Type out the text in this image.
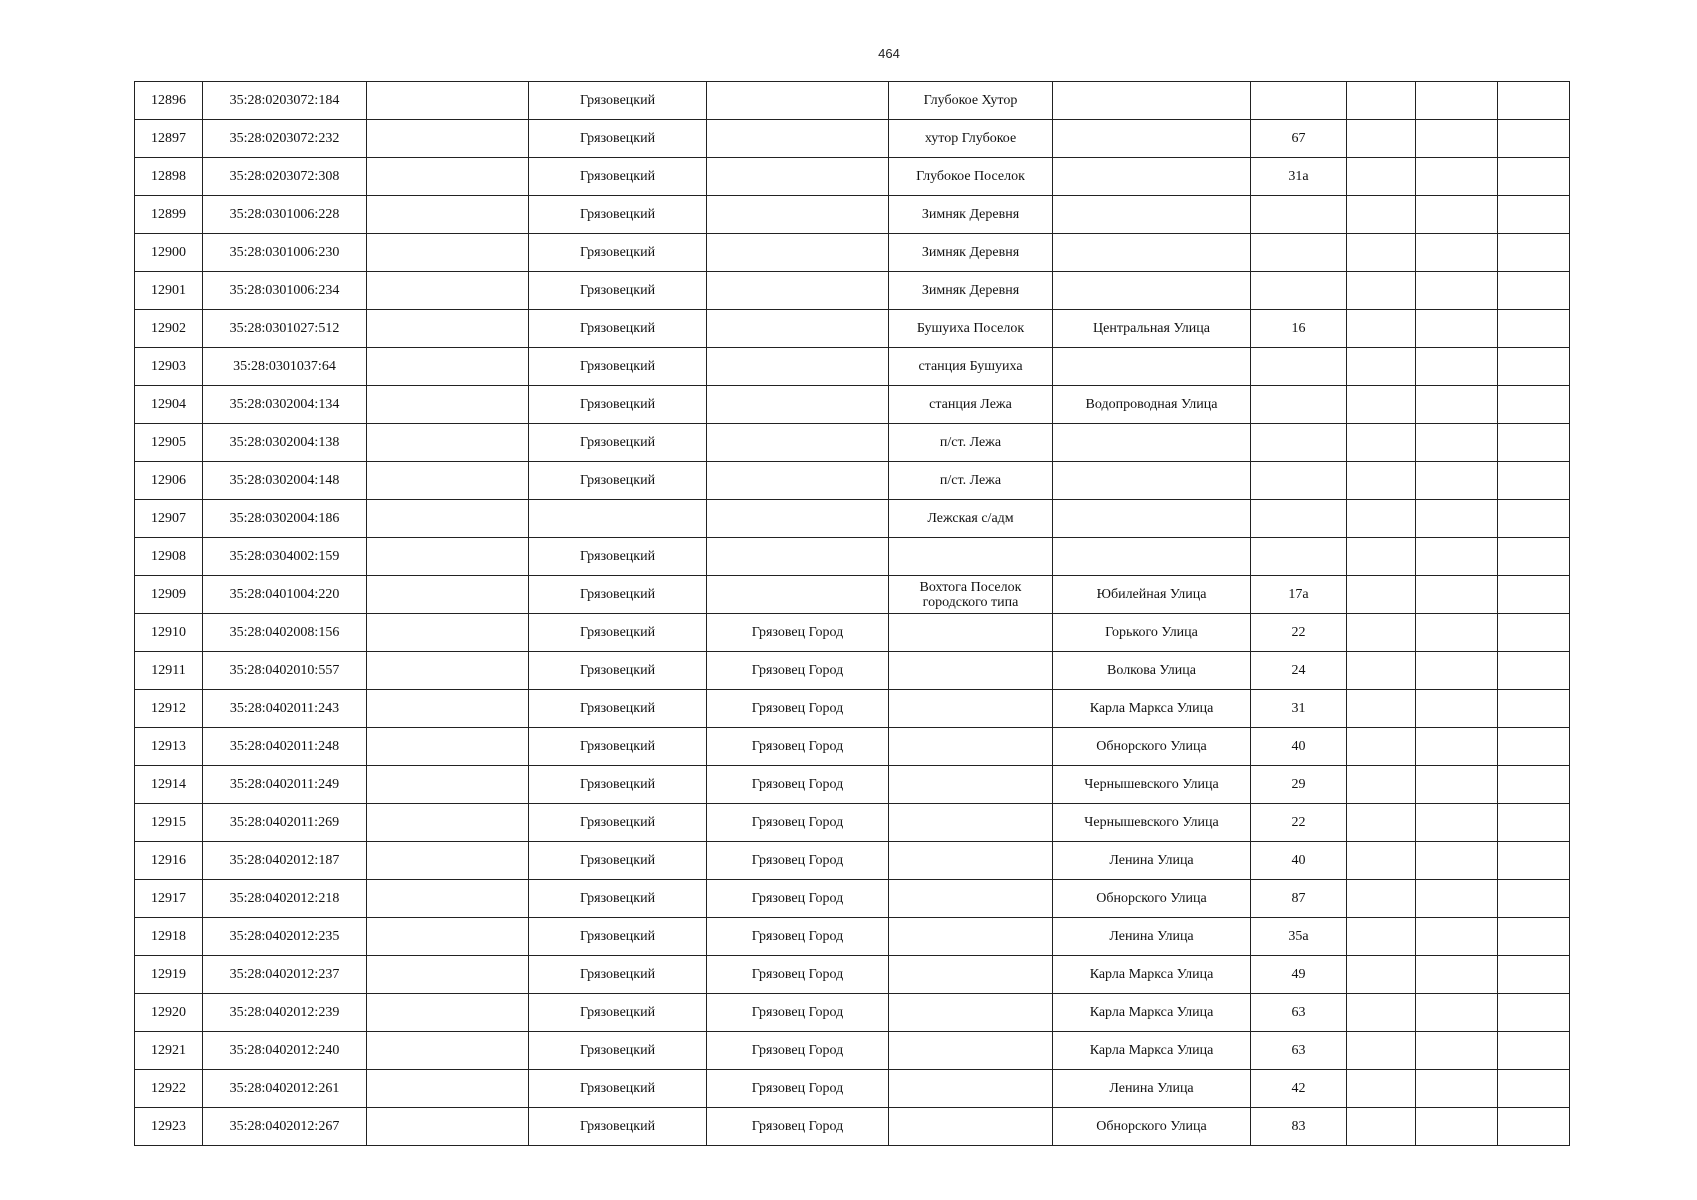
464
12896	35:28:0203072:184		Грязовецкий		Глубокое Хутор					
12897	35:28:0203072:232		Грязовецкий		хутор Глубокое		67			
12898	35:28:0203072:308		Грязовецкий		Глубокое Поселок		31а			
12899	35:28:0301006:228		Грязовецкий		Зимняк Деревня					
12900	35:28:0301006:230		Грязовецкий		Зимняк Деревня					
12901	35:28:0301006:234		Грязовецкий		Зимняк Деревня					
12902	35:28:0301027:512		Грязовецкий		Бушуиха Поселок	Центральная Улица	16			
12903	35:28:0301037:64		Грязовецкий		станция Бушуиха					
12904	35:28:0302004:134		Грязовецкий		станция Лежа	Водопроводная Улица				
12905	35:28:0302004:138		Грязовецкий		п/ст. Лежа					
12906	35:28:0302004:148		Грязовецкий		п/ст. Лежа					
12907	35:28:0302004:186				Лежская с/адм					
12908	35:28:0304002:159		Грязовецкий							
12909	35:28:0401004:220		Грязовецкий		Вохтога Поселок городского типа	Юбилейная Улица	17а			
12910	35:28:0402008:156		Грязовецкий	Грязовец Город		Горького Улица	22			
12911	35:28:0402010:557		Грязовецкий	Грязовец Город		Волкова Улица	24			
12912	35:28:0402011:243		Грязовецкий	Грязовец Город		Карла Маркса Улица	31			
12913	35:28:0402011:248		Грязовецкий	Грязовец Город		Обнорского Улица	40			
12914	35:28:0402011:249		Грязовецкий	Грязовец Город		Чернышевского Улица	29			
12915	35:28:0402011:269		Грязовецкий	Грязовец Город		Чернышевского Улица	22			
12916	35:28:0402012:187		Грязовецкий	Грязовец Город		Ленина Улица	40			
12917	35:28:0402012:218		Грязовецкий	Грязовец Город		Обнорского Улица	87			
12918	35:28:0402012:235		Грязовецкий	Грязовец Город		Ленина Улица	35а			
12919	35:28:0402012:237		Грязовецкий	Грязовец Город		Карла Маркса Улица	49			
12920	35:28:0402012:239		Грязовецкий	Грязовец Город		Карла Маркса Улица	63			
12921	35:28:0402012:240		Грязовецкий	Грязовец Город		Карла Маркса Улица	63			
12922	35:28:0402012:261		Грязовецкий	Грязовец Город		Ленина Улица	42			
12923	35:28:0402012:267		Грязовецкий	Грязовец Город		Обнорского Улица	83			
